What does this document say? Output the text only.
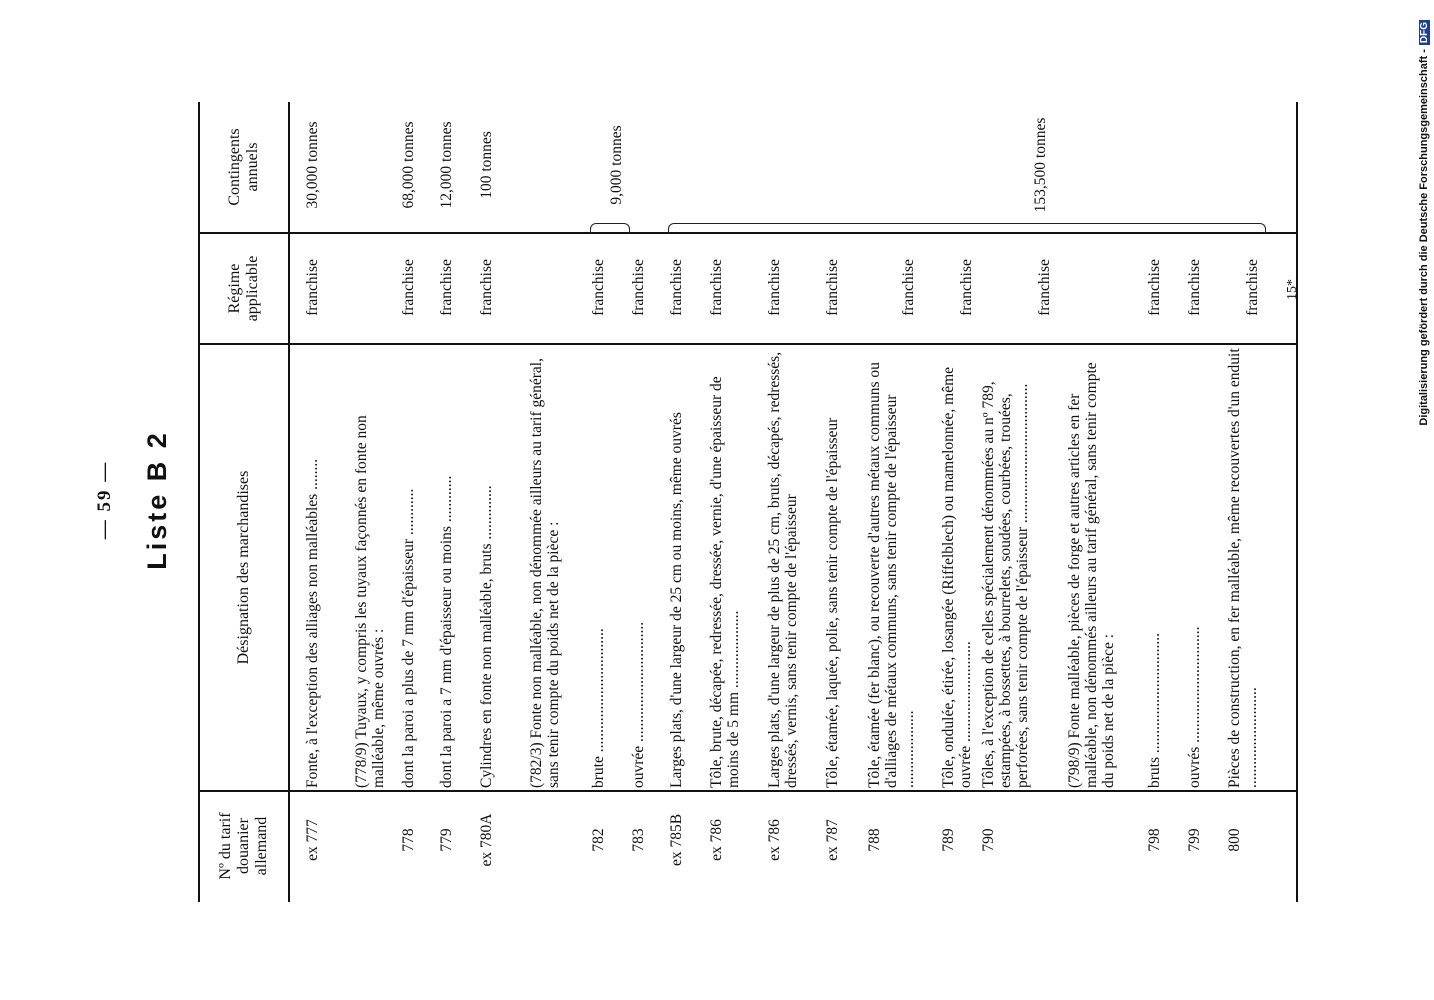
— 59 — Liste B 2
Nº du tarif douanier allemand
Désignation des marchandises
Régime applicable
Contingents annuels
ex 777
Fonte, à l'exception des alliages non malléables ........
franchise
30,000 tonnes
(778/9) Tuyaux, y compris les tuyaux façonnés en fonte non malléable, même ouvrés :
778
dont la paroi a plus de 7 mm d'épaisseur ............
franchise
68,000 tonnes
779
dont la paroi a 7 mm d'épaisseur ou moins ............
franchise
12,000 tonnes
ex 780A
Cylindres en fonte non malléable, bruts ..............
franchise
100 tonnes
(782/3) Fonte non malléable, non dénommée ailleurs au tarif général, sans tenir compte du poids net de la pièce :
782
brute ................................
franchise
9,000 tonnes
783
ouvrée ...............................
franchise
ex 785B
Larges plats, d'une largeur de 25 cm ou moins, même ouvrés
franchise
ex 786
Tôle, brute, décapée, redressée, dressée, vernie, d'une épaisseur de moins de 5 mm ....................
franchise
ex 786
Larges plats, d'une largeur de plus de 25 cm, bruts, décapés, redressés, dressés, vernis, sans tenir compte de l'épaisseur
franchise
ex 787
Tôle, étamée, laquée, polie, sans tenir compte de l'épaisseur
franchise
788
Tôle, étamée (fer blanc), ou recouverte d'autres métaux communs ou d'alliages de métaux communs, sans tenir compte de l'épaisseur ....................
franchise
789
Tôle, ondulée, étirée, losangée (Riffelblech) ou mamelonnée, même ouvrée ..........................
franchise
153,500 tonnes
790
Tôles, à l'exception de celles spécialement dénommées au nº 789, estampées, à bossettes, à bourrelets, soudées, courbées, trouées, perforées, sans tenir compte de l'épaisseur ....................................
franchise
(798/9) Fonte malléable, pièces de forge et autres articles en fer malléable, non dénommés ailleurs au tarif général, sans tenir compte du poids net de la pièce :
798
bruts ...............................
franchise
799
ouvrés ..............................
franchise
800
Pièces de construction, en fer malléable, même recouvertes d'un enduit ..........................
franchise 15*	Digitalisierung gefördert durch die Deutsche Forschungsgemeinschaft -DFG
